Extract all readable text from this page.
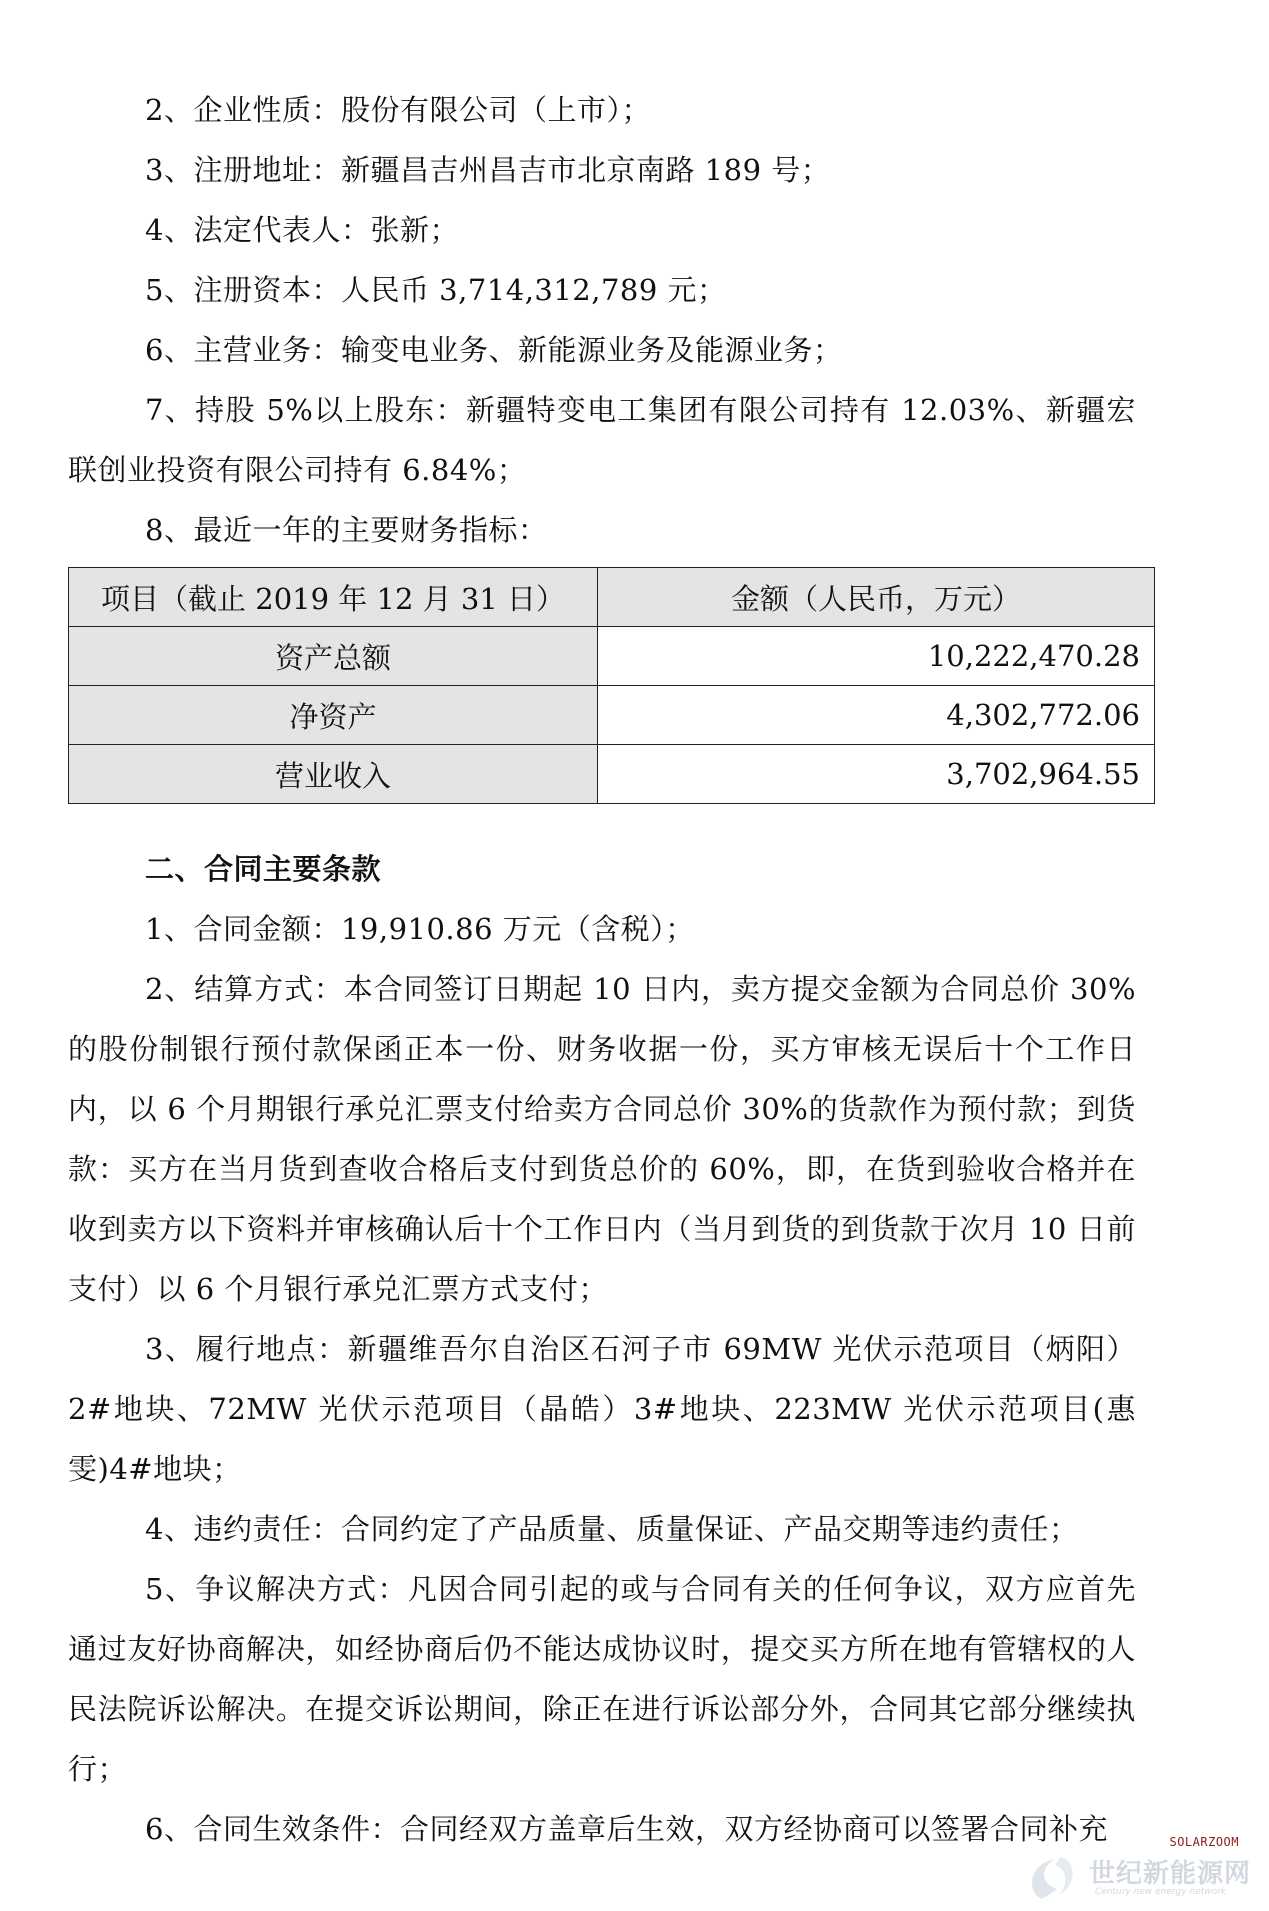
2、企业性质：股份有限公司（上市）；

3、注册地址：新疆昌吉州昌吉市北京南路 189 号；

4、法定代表人：张新；

5、注册资本：人民币 3,714,312,789 元；

6、主营业务：输变电业务、新能源业务及能源业务；

7、持股 5%以上股东：新疆特变电工集团有限公司持有 12.03%、新疆宏联创业投资有限公司持有 6.84%；

8、最近一年的主要财务指标：

项目（截止 2019 年 12 月 31 日）	金额（人民币，万元）
资产总额	10,222,470.28
净资产	4,302,772.06
营业收入	3,702,964.55

二、合同主要条款

1、合同金额：19,910.86 万元（含税）；

2、结算方式：本合同签订日期起 10 日内，卖方提交金额为合同总价 30%的股份制银行预付款保函正本一份、财务收据一份，买方审核无误后十个工作日内，以 6 个月期银行承兑汇票支付给卖方合同总价 30%的货款作为预付款；到货款：买方在当月货到查收合格后支付到货总价的 60%，即，在货到验收合格并在收到卖方以下资料并审核确认后十个工作日内（当月到货的到货款于次月 10 日前支付）以 6 个月银行承兑汇票方式支付；

3、履行地点：新疆维吾尔自治区石河子市 69MW 光伏示范项目（炳阳）2#地块、72MW 光伏示范项目（晶皓）3#地块、223MW 光伏示范项目(惠雯)4#地块；

4、违约责任：合同约定了产品质量、质量保证、产品交期等违约责任；

5、争议解决方式：凡因合同引起的或与合同有关的任何争议，双方应首先通过友好协商解决，如经协商后仍不能达成协议时，提交买方所在地有管辖权的人民法院诉讼解决。在提交诉讼期间，除正在进行诉讼部分外，合同其它部分继续执行；

6、合同生效条件：合同经双方盖章后生效，双方经协商可以签署合同补充	SOLARZOOM
世纪新能源网
Century new energy network
